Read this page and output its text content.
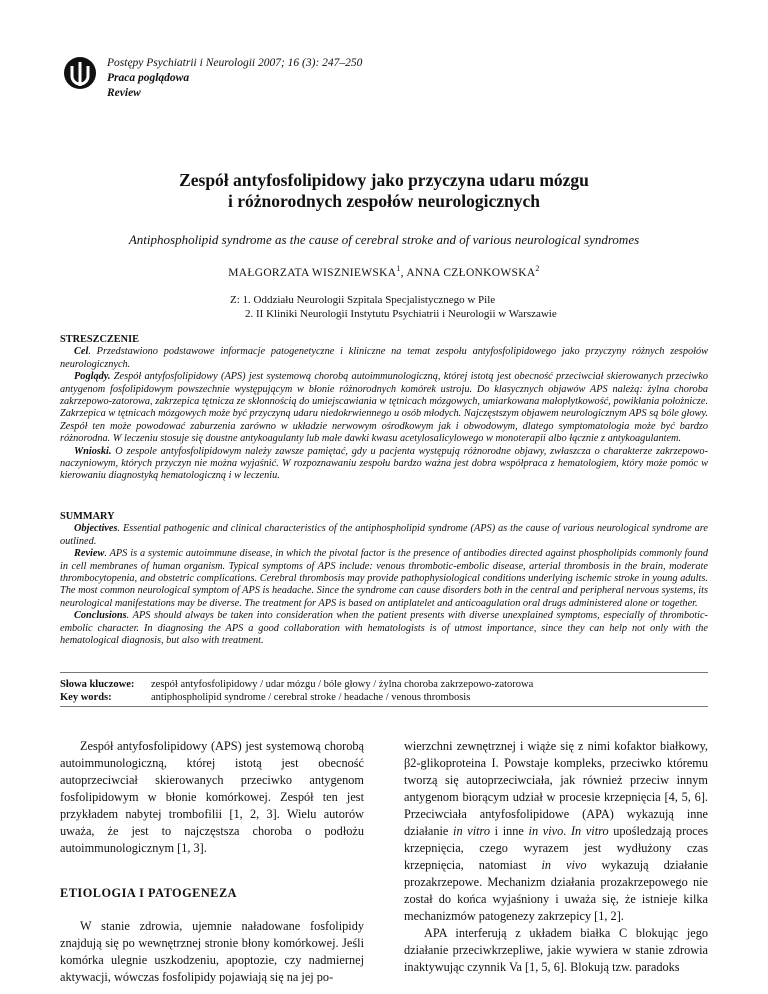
Postępy Psychiatrii i Neurologii 2007; 16 (3): 247–250
Praca poglądowa
Review
Zespół antyfosfolipidowy jako przyczyna udaru mózgu
i różnorodnych zespołów neurologicznych
Antiphospholipid syndrome as the cause of cerebral stroke and of various neurological syndromes
MAŁGORZATA WISZNIEWSKA$^1$, ANNA CZŁONKOWSKA$^2$
Z: 1. Oddziału Neurologii Szpitala Specjalistycznego w Pile
2. II Kliniki Neurologii Instytutu Psychiatrii i Neurologii w Warszawie
STRESZCZENIE

Cel. Przedstawiono podstawowe informacje patogenetyczne i kliniczne na temat zespołu antyfosfolipidowego jako przyczyny różnych zespołów neurologicznych.

Poglądy. Zespół antyfosfolipidowy (APS) jest systemową chorobą autoimmunologiczną, której istotą jest obecność przeciwciał skierowanych przeciwko antygenom fosfolipidowym powszechnie występującym w błonie różnorodnych komórek ustroju. Do klasycznych objawów APS należą: żylna choroba zakrzepowo-zatorowa, zakrzepica tętnicza ze skłonnością do umiejscawiania w tętnicach mózgowych, umiarkowana małopłytkowość, powikłania położnicze. Zakrzepica w tętnicach mózgowych może być przyczyną udaru niedokrwiennego u osób młodych. Najczęstszym objawem neurologicznym APS są bóle głowy. Zespół ten może powodować zaburzenia zarówno w układzie nerwowym ośrodkowym jak i obwodowym, dlatego symptomatologia może być bardzo różnorodna. W leczeniu stosuje się doustne antykoagulanty lub małe dawki kwasu acetylosalicylowego w monoterapii albo łącznie z antykoagulantem.

Wnioski. O zespole antyfosfolipidowym należy zawsze pamiętać, gdy u pacjenta występują różnorodne objawy, zwłaszcza o charakterze zakrzepowo-naczyniowym, których przyczyn nie można wyjaśnić. W rozpoznawaniu zespołu bardzo ważna jest dobra współpraca z hematologiem, który może pomóc w kierowaniu diagnostyką hematologiczną i w leczeniu.

SUMMARY

Objectives. Essential pathogenic and clinical characteristics of the antiphospholipid syndrome (APS) as the cause of various neurological syndrome are outlined.

Review. APS is a systemic autoimmune disease, in which the pivotal factor is the presence of antibodies directed against phospholipids commonly found in cell membranes of human organism. Typical symptoms of APS include: venous thrombotic-embolic disease, arterial thrombosis in the brain, moderate thrombocytopenia, and obstetric complications. Cerebral thrombosis may provide pathophysiological conditions underlying ischemic stroke in young adults. The most common neurological symptom of APS is headache. Since the syndrome can cause disorders both in the central and peripheral nervous systems, its neurological manifestations may be diverse. The treatment for APS is based on antiplatelet and anticoagulation oral drugs administered alone or together.

Conclusions. APS should always be taken into consideration when the patient presents with diverse unexplained symptoms, especially of thrombotic-embolic character. In diagnosing the APS a good collaboration with hematologists is of utmost importance, since they can help not only with the hematological diagnosis, but also with treatment.

Słowa kluczowe: zespół antyfosfolipidowy / udar mózgu / bóle głowy / żylna choroba zakrzepowo-zatorowa
Key words:	antiphospholipid syndrome / cerebral stroke / headache / venous thrombosis

Zespół antyfosfolipidowy (APS) jest systemową chorobą autoimmunologiczną, której istotą jest obecność autoprzeciwciał skierowanych przeciwko antygenom fosfolipidowym w błonie komórkowej. Zespół ten jest przykładem nabytej trombofilii [1, 2, 3]. Wielu autorów uważa, że jest to najczęstsza choroba o podłożu autoimmunologicznym [1, 3].

ETIOLOGIA I PATOGENEZA

W stanie zdrowia, ujemnie naładowane fosfolipidy znajdują się po wewnętrznej stronie błony komórkowej. Jeśli komórka ulegnie uszkodzeniu, apoptozie, czy nadmiernej aktywacji, wówczas fosfolipidy pojawiają się na jej po-

wierzchni zewnętrznej i wiąże się z nimi kofaktor białkowy, β2-glikoproteina I. Powstaje kompleks, przeciwko któremu tworzą się autoprzeciwciała, jak również przeciw innym antygenom biorącym udział w procesie krzepnięcia [4, 5, 6]. Przeciwciała antyfosfolipidowe (APA) wykazują inne działanie in vitro i inne in vivo. In vitro upośledzają proces krzepnięcia, czego wyrazem jest wydłużony czas krzepnięcia, natomiast in vivo wykazują działanie prozakrzepowe. Mechanizm działania prozakrzepowego nie został do końca wyjaśniony i uważa się, że istnieje kilka mechanizmów patogenezy zakrzepicy [1, 2].

APA interferują z układem białka C blokując jego działanie przeciwkrzepliwe, jakie wywiera w stanie zdrowia inaktywując czynnik Va [1, 5, 6]. Blokują tzw. paradoks
